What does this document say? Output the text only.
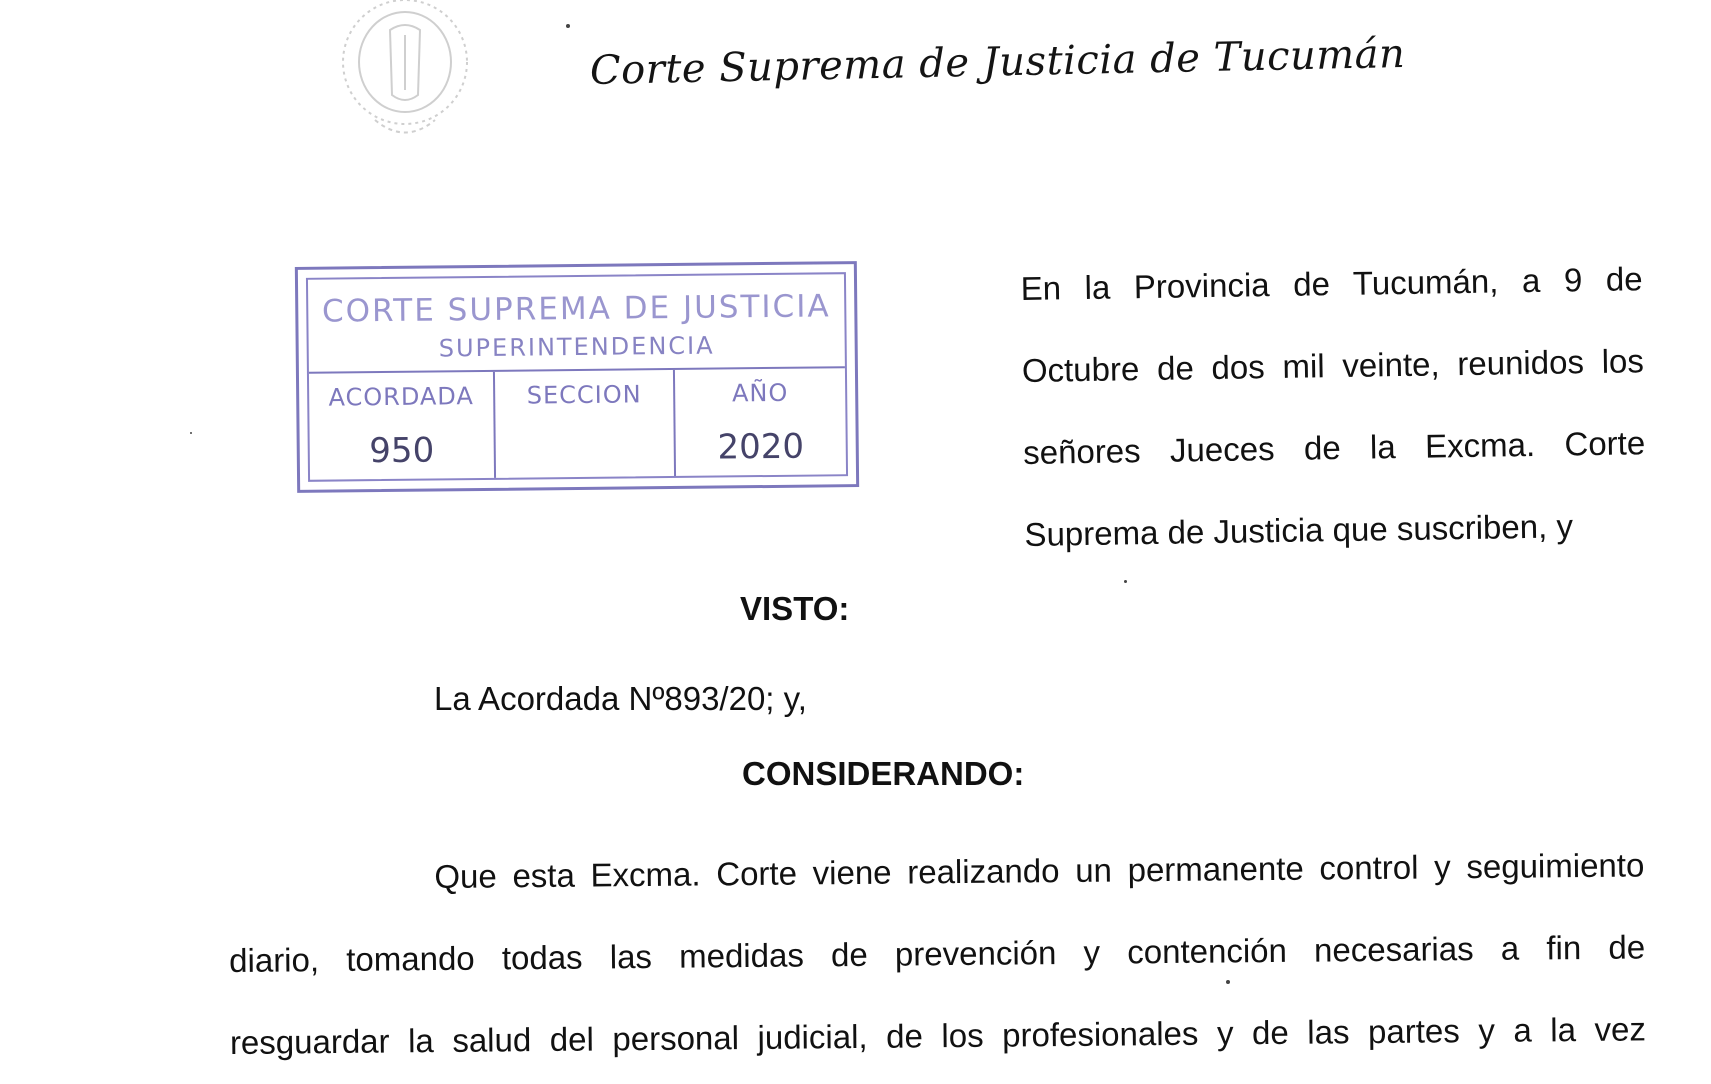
Corte Suprema de Justicia de Tucumán
CORTE SUPREMA DE JUSTICIA
SUPERINTENDENCIA
ACORDADA
950
SECCION	AÑO
2020

En la Provincia de Tucumán, a 9 de

Octubre de dos mil veinte, reunidos los

señores Jueces de la Excma. Corte

Suprema de Justicia que suscriben, y

VISTO:
La Acordada Nº893/20; y,
CONSIDERANDO:

Que esta Excma. Corte viene realizando un permanente control y seguimiento

diario, tomando todas las medidas de prevención y contención necesarias a fin de

resguardar la salud del personal judicial, de los profesionales y de las partes y a la vez
